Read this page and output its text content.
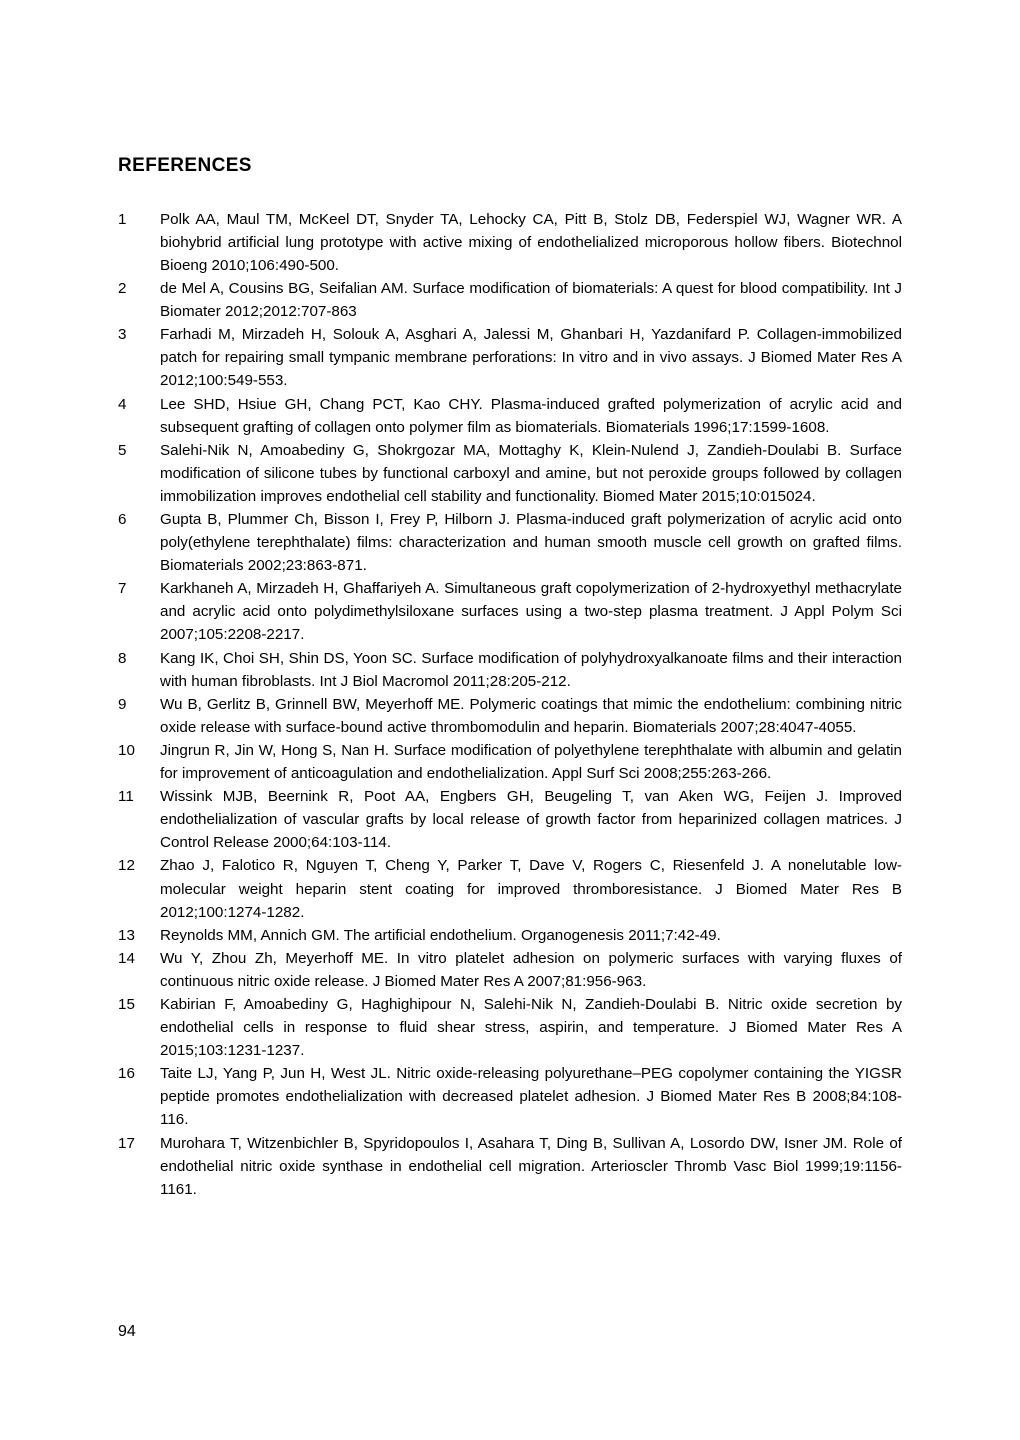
REFERENCES
1	Polk AA, Maul TM, McKeel DT, Snyder TA, Lehocky CA, Pitt B, Stolz DB, Federspiel WJ, Wagner WR. A biohybrid artificial lung prototype with active mixing of endothelialized microporous hollow fibers. Biotechnol Bioeng 2010;106:490-500.
2	de Mel A, Cousins BG, Seifalian AM. Surface modification of biomaterials: A quest for blood compatibility. Int J Biomater 2012;2012:707-863
3	Farhadi M, Mirzadeh H, Solouk A, Asghari A, Jalessi M, Ghanbari H, Yazdanifard P. Collagen-immobilized patch for repairing small tympanic membrane perforations: In vitro and in vivo assays. J Biomed Mater Res A 2012;100:549-553.
4	Lee SHD, Hsiue GH, Chang PCT, Kao CHY. Plasma-induced grafted polymerization of acrylic acid and subsequent grafting of collagen onto polymer film as biomaterials. Biomaterials 1996;17:1599-1608.
5	Salehi-Nik N, Amoabediny G, Shokrgozar MA, Mottaghy K, Klein-Nulend J, Zandieh-Doulabi B. Surface modification of silicone tubes by functional carboxyl and amine, but not peroxide groups followed by collagen immobilization improves endothelial cell stability and functionality. Biomed Mater 2015;10:015024.
6	Gupta B, Plummer Ch, Bisson I, Frey P, Hilborn J. Plasma-induced graft polymerization of acrylic acid onto poly(ethylene terephthalate) films: characterization and human smooth muscle cell growth on grafted films. Biomaterials 2002;23:863-871.
7	Karkhaneh A, Mirzadeh H, Ghaffariyeh A. Simultaneous graft copolymerization of 2-hydroxyethyl methacrylate and acrylic acid onto polydimethylsiloxane surfaces using a two-step plasma treatment. J Appl Polym Sci 2007;105:2208-2217.
8	Kang IK, Choi SH, Shin DS, Yoon SC. Surface modification of polyhydroxyalkanoate films and their interaction with human fibroblasts. Int J Biol Macromol 2011;28:205-212.
9	Wu B, Gerlitz B, Grinnell BW, Meyerhoff ME. Polymeric coatings that mimic the endothelium: combining nitric oxide release with surface-bound active thrombomodulin and heparin. Biomaterials 2007;28:4047-4055.
10	Jingrun R, Jin W, Hong S, Nan H. Surface modification of polyethylene terephthalate with albumin and gelatin for improvement of anticoagulation and endothelialization. Appl Surf Sci 2008;255:263-266.
11	Wissink MJB, Beernink R, Poot AA, Engbers GH, Beugeling T, van Aken WG, Feijen J. Improved endothelialization of vascular grafts by local release of growth factor from heparinized collagen matrices. J Control Release 2000;64:103-114.
12	Zhao J, Falotico R, Nguyen T, Cheng Y, Parker T, Dave V, Rogers C, Riesenfeld J. A nonelutable low-molecular weight heparin stent coating for improved thromboresistance. J Biomed Mater Res B 2012;100:1274-1282.
13	Reynolds MM, Annich GM. The artificial endothelium. Organogenesis 2011;7:42-49.
14	Wu Y, Zhou Zh, Meyerhoff ME. In vitro platelet adhesion on polymeric surfaces with varying fluxes of continuous nitric oxide release. J Biomed Mater Res A 2007;81:956-963.
15	Kabirian F, Amoabediny G, Haghighipour N, Salehi-Nik N, Zandieh-Doulabi B. Nitric oxide secretion by endothelial cells in response to fluid shear stress, aspirin, and temperature. J Biomed Mater Res A 2015;103:1231-1237.
16	Taite LJ, Yang P, Jun H, West JL. Nitric oxide-releasing polyurethane–PEG copolymer containing the YIGSR peptide promotes endothelialization with decreased platelet adhesion. J Biomed Mater Res B 2008;84:108-116.
17	Murohara T, Witzenbichler B, Spyridopoulos I, Asahara T, Ding B, Sullivan A, Losordo DW, Isner JM. Role of endothelial nitric oxide synthase in endothelial cell migration. Arterioscler Thromb Vasc Biol 1999;19:1156-1161.
94
